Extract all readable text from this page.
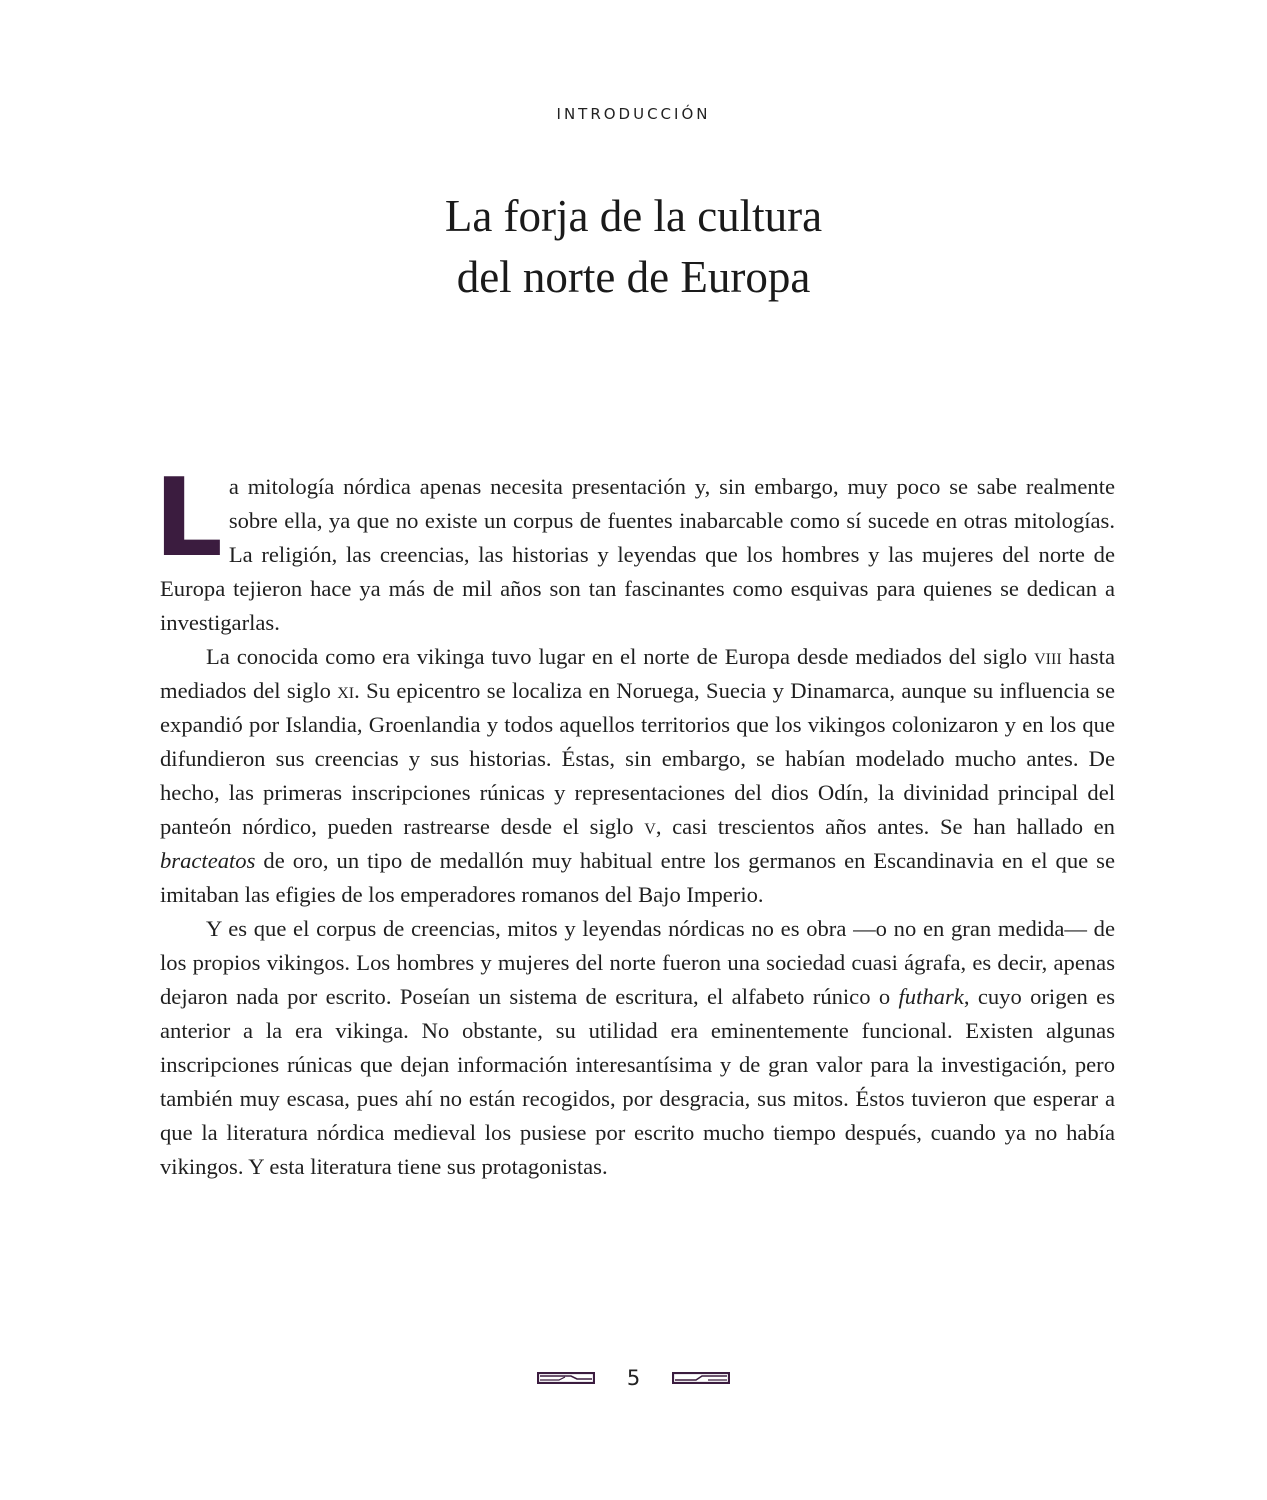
INTRODUCCIÓN
La forja de la cultura
del norte de Europa

La mitología nórdica apenas necesita presentación y, sin embargo, muy poco se sabe realmente sobre ella, ya que no existe un corpus de fuentes inabarcable como sí sucede en otras mitologías. La religión, las creencias, las historias y leyendas que los hombres y las mujeres del norte de Europa tejieron hace ya más de mil años son tan fascinantes como esquivas para quienes se dedican a investigarlas.

La conocida como era vikinga tuvo lugar en el norte de Europa desde mediados del siglo viii hasta mediados del siglo xi. Su epicentro se localiza en Noruega, Suecia y Dinamarca, aunque su influencia se expandió por Islandia, Groenlandia y todos aquellos territorios que los vikingos colonizaron y en los que difundieron sus creencias y sus historias. Éstas, sin embargo, se habían modelado mucho antes. De hecho, las primeras inscripciones rúnicas y representaciones del dios Odín, la divinidad principal del panteón nórdico, pueden rastrearse desde el siglo v, casi trescientos años antes. Se han hallado en bracteatos de oro, un tipo de medallón muy habitual entre los germanos en Escandinavia en el que se imitaban las efigies de los emperadores romanos del Bajo Imperio.

Y es que el corpus de creencias, mitos y leyendas nórdicas no es obra —o no en gran medida— de los propios vikingos. Los hombres y mujeres del norte fueron una sociedad cuasi ágrafa, es decir, apenas dejaron nada por escrito. Poseían un sistema de escritura, el alfabeto rúnico o futhark, cuyo origen es anterior a la era vikinga. No obstante, su utilidad era eminentemente funcional. Existen algunas inscripciones rúnicas que dejan información interesantísima y de gran valor para la investigación, pero también muy escasa, pues ahí no están recogidos, por desgracia, sus mitos. Éstos tuvieron que esperar a que la literatura nórdica medieval los pusiese por escrito mucho tiempo después, cuando ya no había vikingos. Y esta literatura tiene sus protagonistas.

5
